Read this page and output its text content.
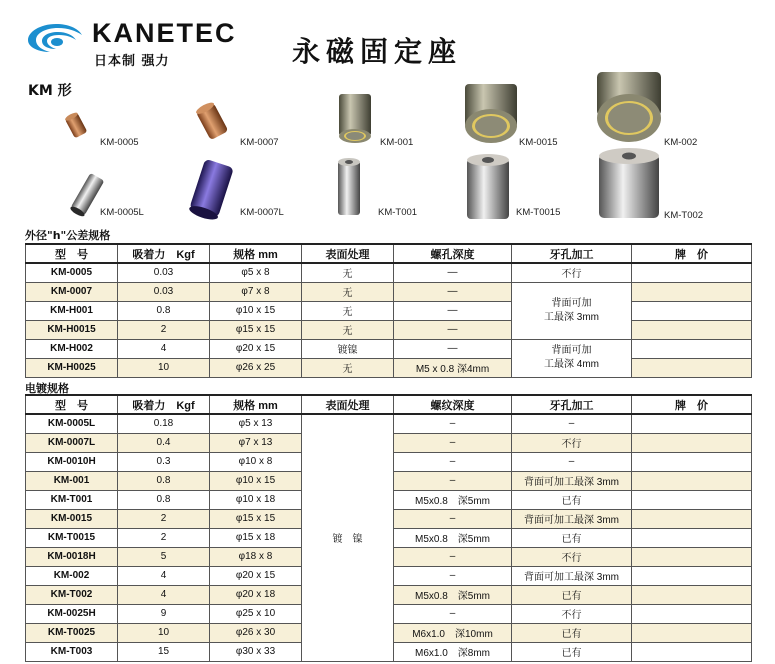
KANETEC
日本制 强力	永磁固定座
KM 形
KM-0005	KM-0007	KM-001	KM-0015	KM-002
KM-0005L	KM-0007L	KM-T001	KM-T0015	KM-T002
外径"h"公差规格
型　号	吸着力　Kgf	规格 mm	表面处理	螺孔深度	牙孔加工	牌　价
KM-0005	0.03	φ5 x 8	无	—	不行	
KM-0007	0.03	φ7 x 8	无	—	背面可加
工最深 3mm	
KM-H001	0.8	φ10 x 15	无	—		
KM-H0015	2	φ15 x 15	无	—		
KM-H002	4	φ20 x 15	镀镍	—	背面可加
工最深 4mm	
KM-H0025	10	φ26 x 25	无	M5 x 0.8 深4mm		
电镀规格
型　号	吸着力　Kgf	规格 mm	表面处理	螺纹深度	牙孔加工	牌　价
KM-0005L	0.18	φ5 x 13	镀　镍	–	–	
KM-0007L	0.4	φ7 x 13		–	不行	
KM-0010H	0.3	φ10 x 8		–	–	
KM-001	0.8	φ10 x 15		–	背面可加工最深 3mm	
KM-T001	0.8	φ10 x 18		M5x0.8　深5mm	已有	
KM-0015	2	φ15 x 15		–	背面可加工最深 3mm	
KM-T0015	2	φ15 x 18		M5x0.8　深5mm	已有	
KM-0018H	5	φ18 x 8		–	不行	
KM-002	4	φ20 x 15		–	背面可加工最深 3mm	
KM-T002	4	φ20 x 18		M5x0.8　深5mm	已有	
KM-0025H	9	φ25 x 10		–	不行	
KM-T0025	10	φ26 x 30		M6x1.0　深10mm	已有	
KM-T003	15	φ30 x 33		M6x1.0　深8mm	已有	
